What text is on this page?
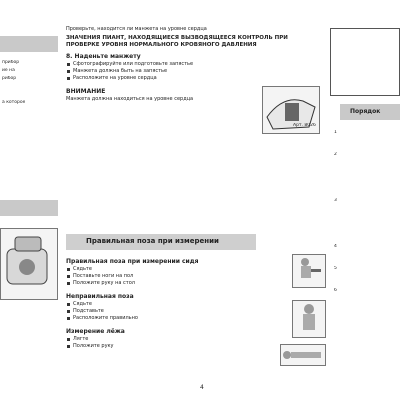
прибор
ие на
рибор
а которое

Проверьте, находится ли манжета на уровне сердца

ЗНАЧЕНИЯ ПИАНТ, НАХОДЯЩИЕСЯ ВЫЗВОДЯЩЕЕСЯ КОНТРОЛЬ ПРИ ПРОВЕРКЕ УРОВНЯ НОРМАЛЬНОГО КРОВЯНОГО ДАВЛЕНИЯ

8. Наденьте манжету
Сфотографируйте или подготовьте запястье
Манжета должна быть на запястье
Расположите на уровне сердца
ВНИМАНИЕ

Манжета должна находиться на уровне сердца

Арт. 8026
Правильная поза при измерении
Правильная поза при измерении сидя
Сядьте
Поставьте ноги на пол
Положите руку на стол
Неправильная поза
Сядьте
Подставьте
Расположите правильно
Измерение лёжа
Лягте
Положите руку
4
Порядок
1
2
3
4
5
6
